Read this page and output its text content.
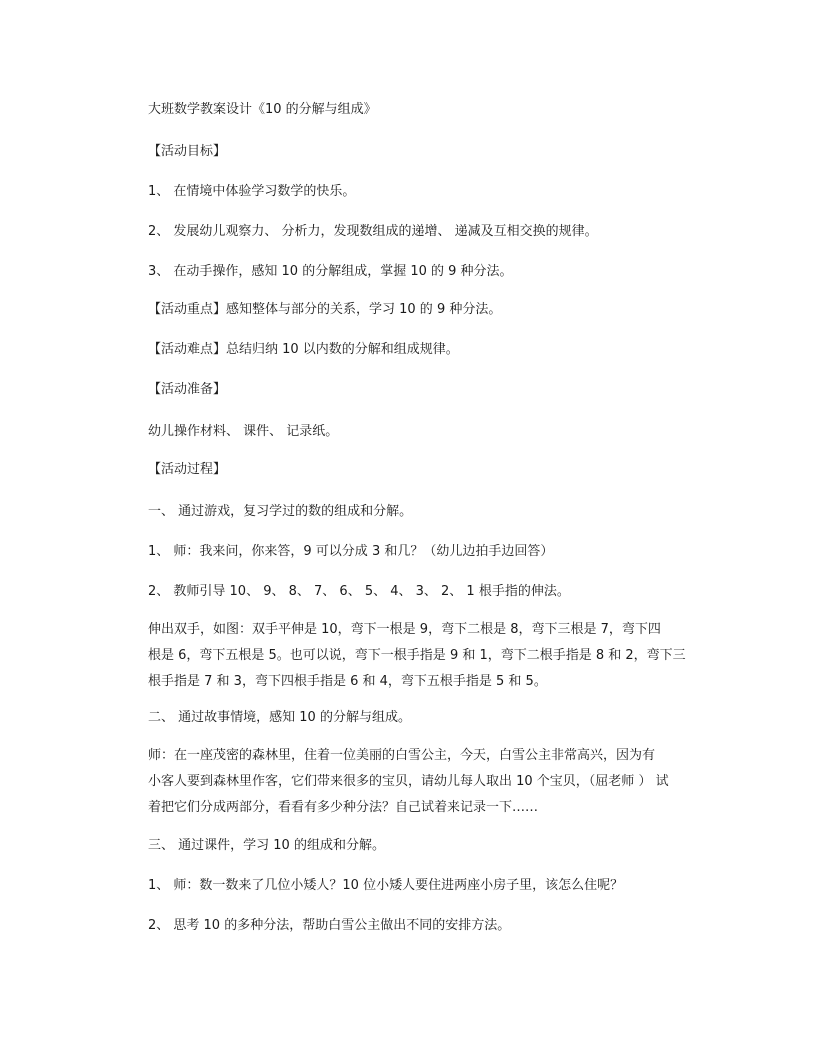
大班数学教案设计《10 的分解与组成》
【活动目标】
1、 在情境中体验学习数学的快乐。
2、 发展幼儿观察力、 分析力，发现数组成的递增、 递减及互相交换的规律。
3、 在动手操作，感知 10 的分解组成，掌握 10 的 9 种分法。
【活动重点】感知整体与部分的关系，学习 10 的 9 种分法。
【活动难点】总结归纳 10 以内数的分解和组成规律。
【活动准备】
幼儿操作材料、 课件、 记录纸。
【活动过程】
一、 通过游戏，复习学过的数的组成和分解。
1、 师：我来问，你来答，9 可以分成 3 和几？（幼儿边拍手边回答）
2、 教师引导 10、 9、 8、 7、 6、 5、 4、 3、 2、 1 根手指的伸法。
伸出双手，如图：双手平伸是 10，弯下一根是 9，弯下二根是 8，弯下三根是 7，弯下四
根是 6，弯下五根是 5。也可以说，弯下一根手指是 9 和 1，弯下二根手指是 8 和 2，弯下三
根手指是 7 和 3，弯下四根手指是 6 和 4，弯下五根手指是 5 和 5。
二、 通过故事情境，感知 10 的分解与组成。
师：在一座茂密的森林里，住着一位美丽的白雪公主，今天，白雪公主非常高兴，因为有
小客人要到森林里作客，它们带来很多的宝贝，请幼儿每人取出 10 个宝贝，（屈老师 ） 试
着把它们分成两部分，看看有多少种分法？自己试着来记录一下……
三、 通过课件，学习 10 的组成和分解。
1、 师：数一数来了几位小矮人？10 位小矮人要住进两座小房子里，该怎么住呢？
2、 思考 10 的多种分法，帮助白雪公主做出不同的安排方法。
